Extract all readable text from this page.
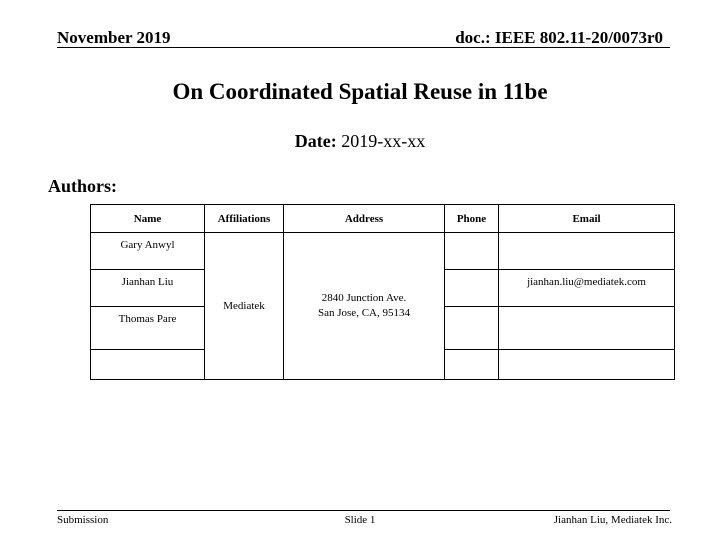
November 2019	doc.: IEEE 802.11-20/0073r0
On Coordinated Spatial Reuse in 11be
Date: 2019-xx-xx
Authors:
Name	Affiliations	Address	Phone	Email
Gary Anwyl	Mediatek	2840 Junction Ave.
San Jose, CA, 95134		

Jianhan Liu				jianhan.liu@mediatek.com
Thomas Pare				

Submission	Slide 1	Jianhan Liu, Mediatek Inc.
